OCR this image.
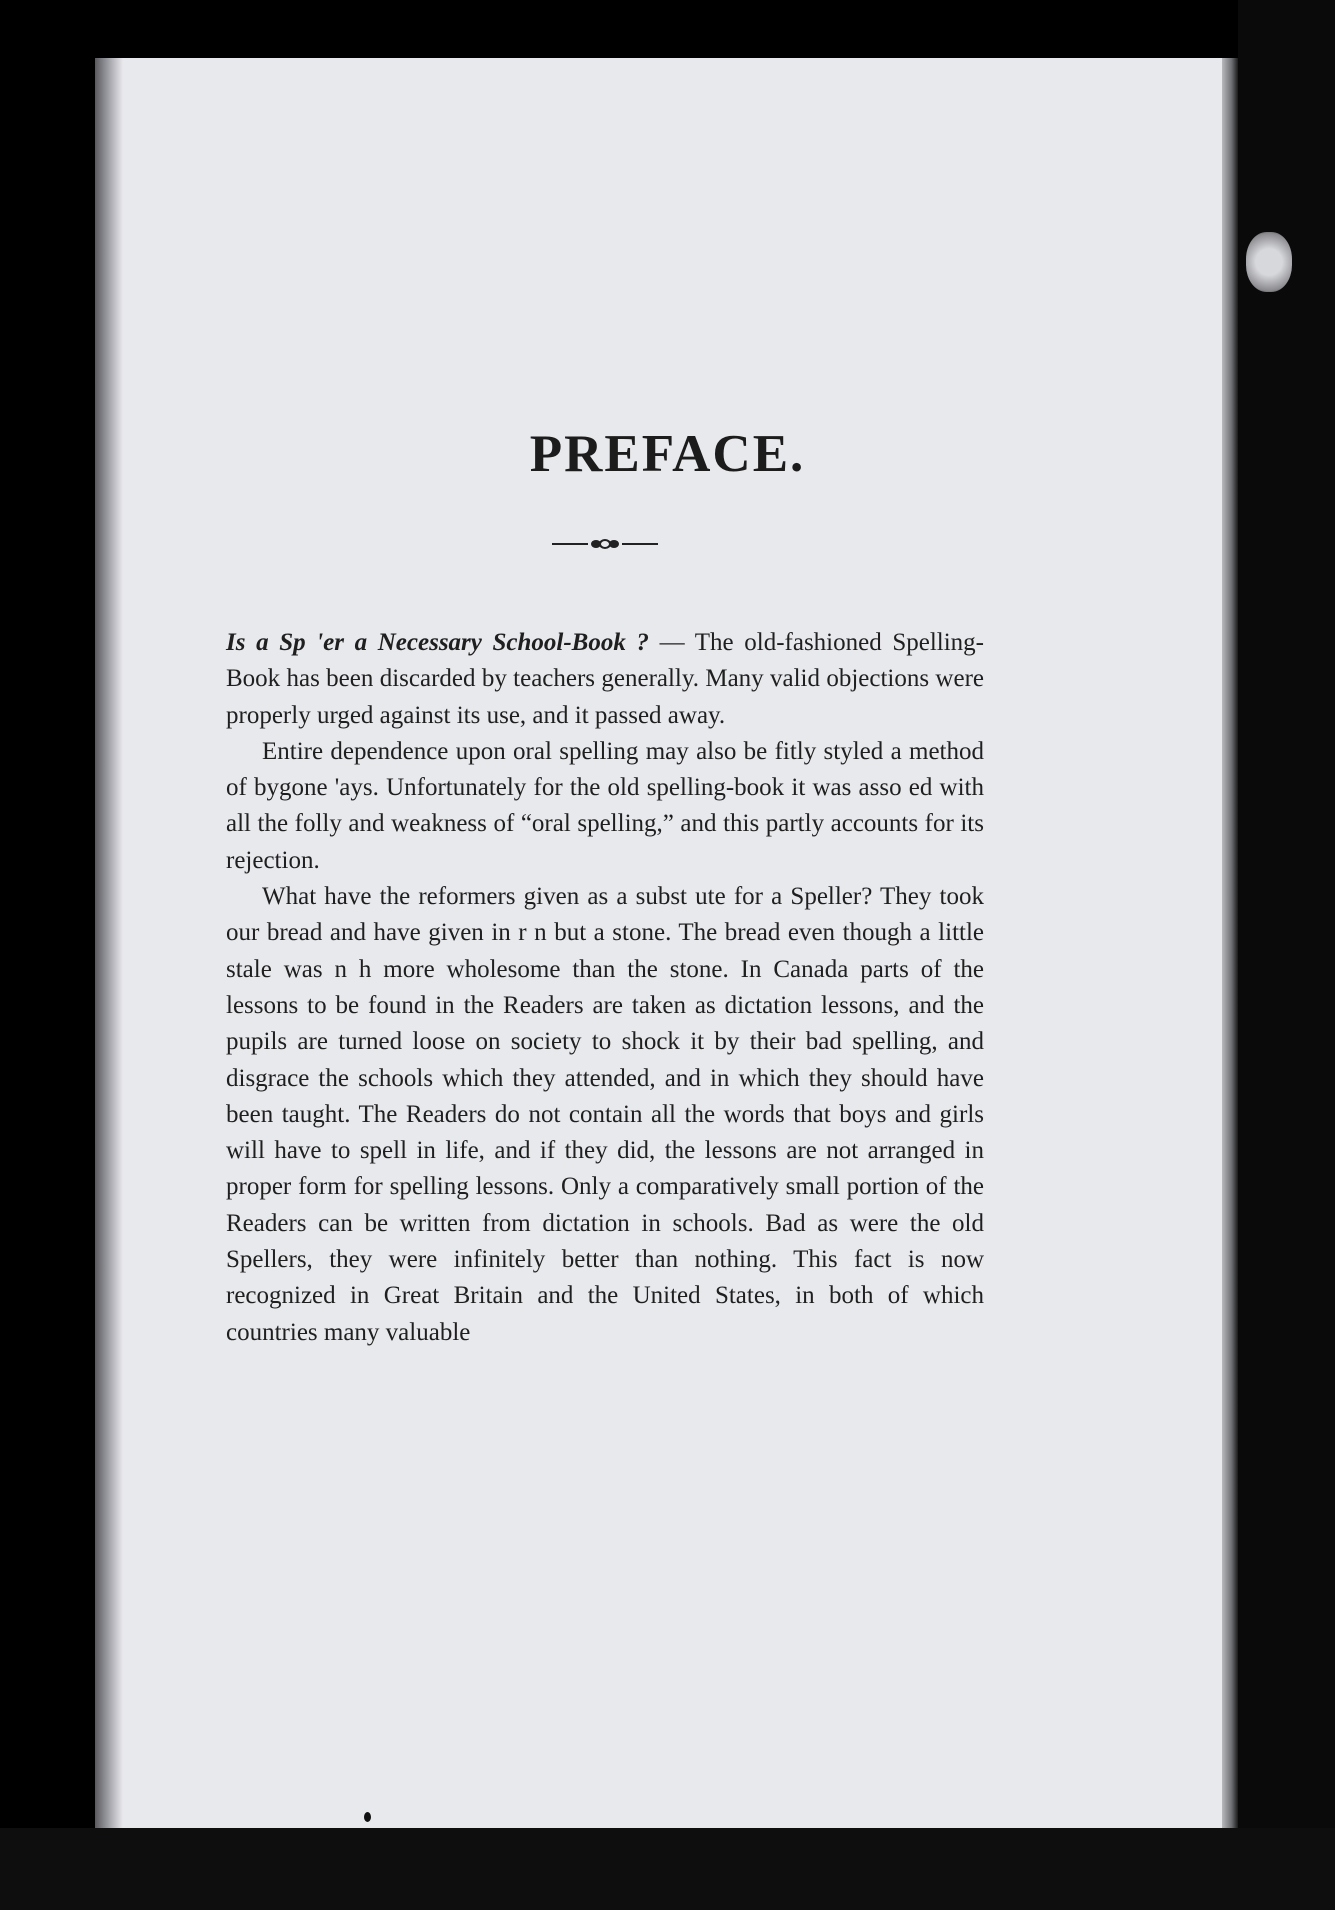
PREFACE.

Is a Sp 'er a Necessary School-Book ? — The old-fashioned Spelling-Book has been discarded by teachers generally. Many valid objections were properly urged against its use, and it passed away.

Entire dependence upon oral spelling may also be fitly styled a method of bygone 'ays. Unfortunately for the old spelling-book it was asso ed with all the folly and weakness of “oral spelling,” and this partly accounts for its rejection.

What have the reformers given as a subst ute for a Speller? They took our bread and have given in r n but a stone. The bread even though a little stale was n h more wholesome than the stone. In Canada parts of the lessons to be found in the Readers are taken as dictation lessons, and the pupils are turned loose on society to shock it by their bad spelling, and disgrace the schools which they attended, and in which they should have been taught. The Readers do not contain all the words that boys and girls will have to spell in life, and if they did, the lessons are not arranged in proper form for spelling lessons. Only a comparatively small portion of the Readers can be written from dictation in schools. Bad as were the old Spellers, they were infinitely better than nothing. This fact is now recognized in Great Britain and the United States, in both of which countries many valuable
